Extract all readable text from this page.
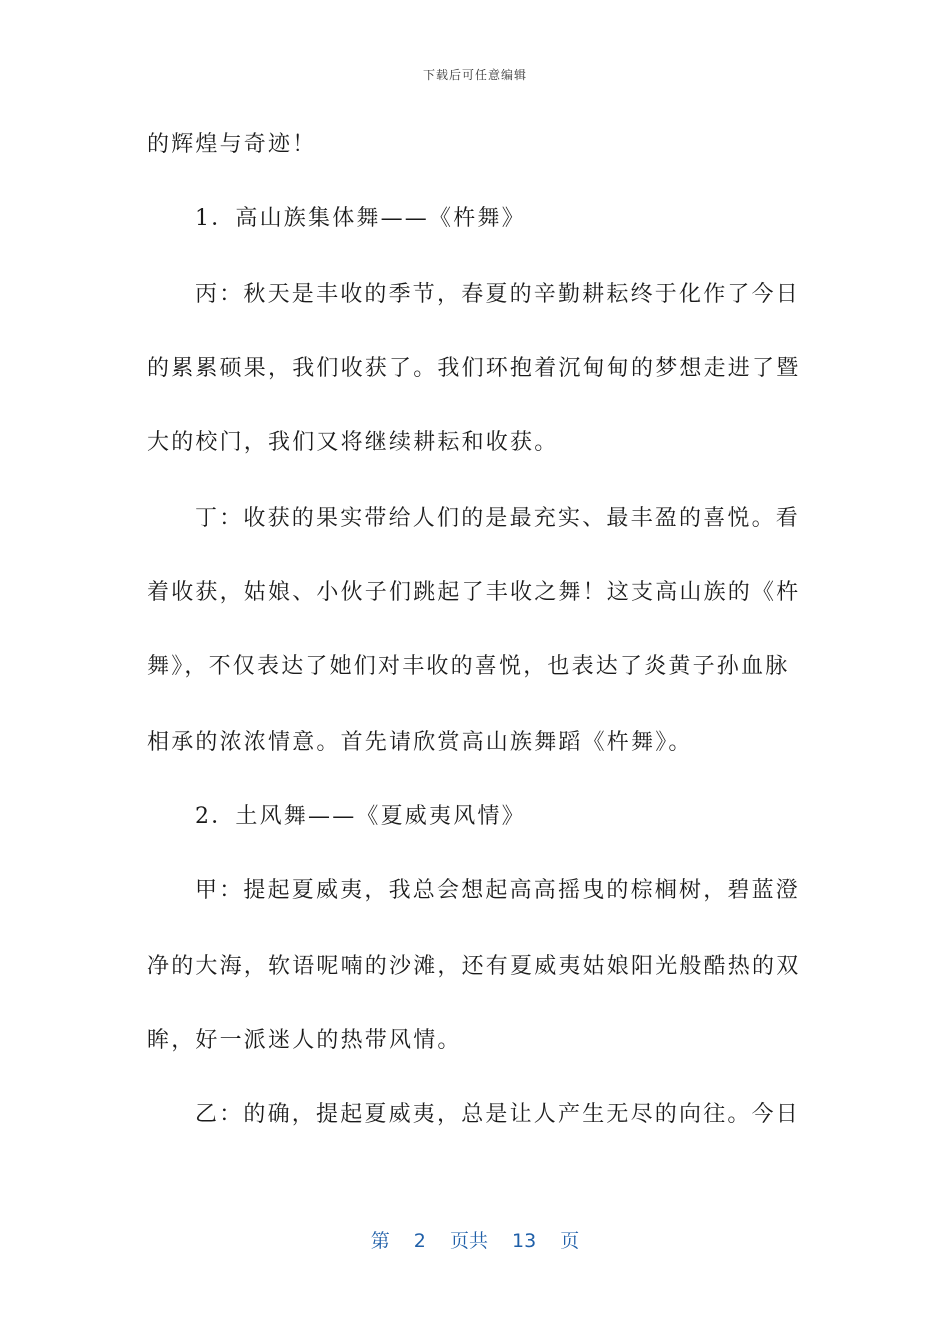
下载后可任意编辑
的辉煌与奇迹！
1．高山族集体舞——《杵舞》
丙：秋天是丰收的季节，春夏的辛勤耕耘终于化作了今日
的累累硕果，我们收获了。我们环抱着沉甸甸的梦想走进了暨
大的校门，我们又将继续耕耘和收获。
丁：收获的果实带给人们的是最充实、最丰盈的喜悦。看
着收获，姑娘、小伙子们跳起了丰收之舞！这支高山族的《杵
舞》，不仅表达了她们对丰收的喜悦，也表达了炎黄子孙血脉
相承的浓浓情意。首先请欣赏高山族舞蹈《杵舞》。
2．土风舞——《夏威夷风情》
甲：提起夏威夷，我总会想起高高摇曳的棕榈树，碧蓝澄
净的大海，软语呢喃的沙滩，还有夏威夷姑娘阳光般酷热的双
眸，好一派迷人的热带风情。
乙：的确，提起夏威夷，总是让人产生无尽的向往。今日
第 2 页共 13 页
